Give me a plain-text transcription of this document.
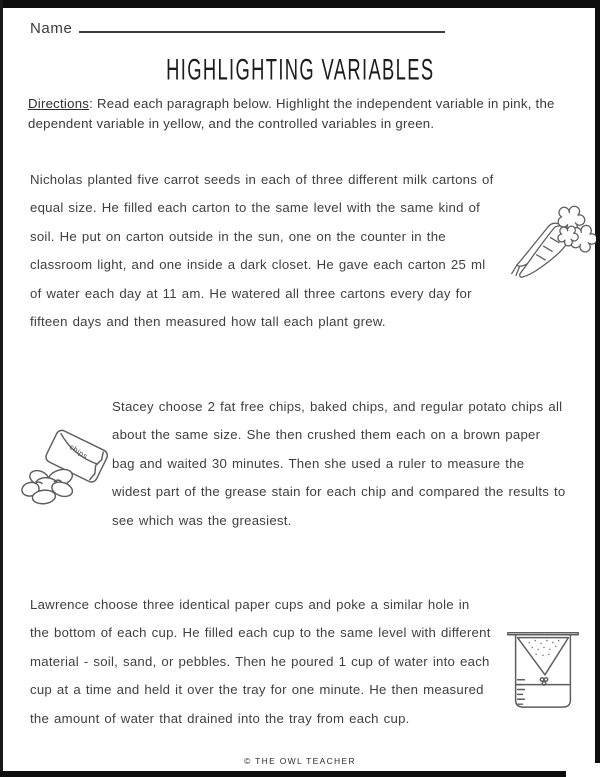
Name
HIGHLIGHTING VARIABLES
Directions: Read each paragraph below. Highlight the independent variable in pink, the dependent variable in yellow, and the controlled variables in green.
Nicholas planted five carrot seeds in each of three different milk cartons of equal size. He filled each carton to the same level with the same kind of soil. He put on carton outside in the sun, one on the counter in the classroom light, and one inside a dark closet. He gave each carton 25 ml of water each day at 11 am. He watered all three cartons every day for fifteen days and then measured how tall each plant grew.
Stacey choose 2 fat free chips, baked chips, and regular potato chips all about the same size. She then crushed them each on a brown paper bag and waited 30 minutes. Then she used a ruler to measure the widest part of the grease stain for each chip and compared the results to see which was the greasiest.
chips
Lawrence choose three identical paper cups and poke a similar hole in the bottom of each cup. He filled each cup to the same level with different material - soil, sand, or pebbles. Then he poured 1 cup of water into each cup at a time and held it over the tray for one minute. He then measured the amount of water that drained into the tray from each cup.
© THE OWL TEACHER
